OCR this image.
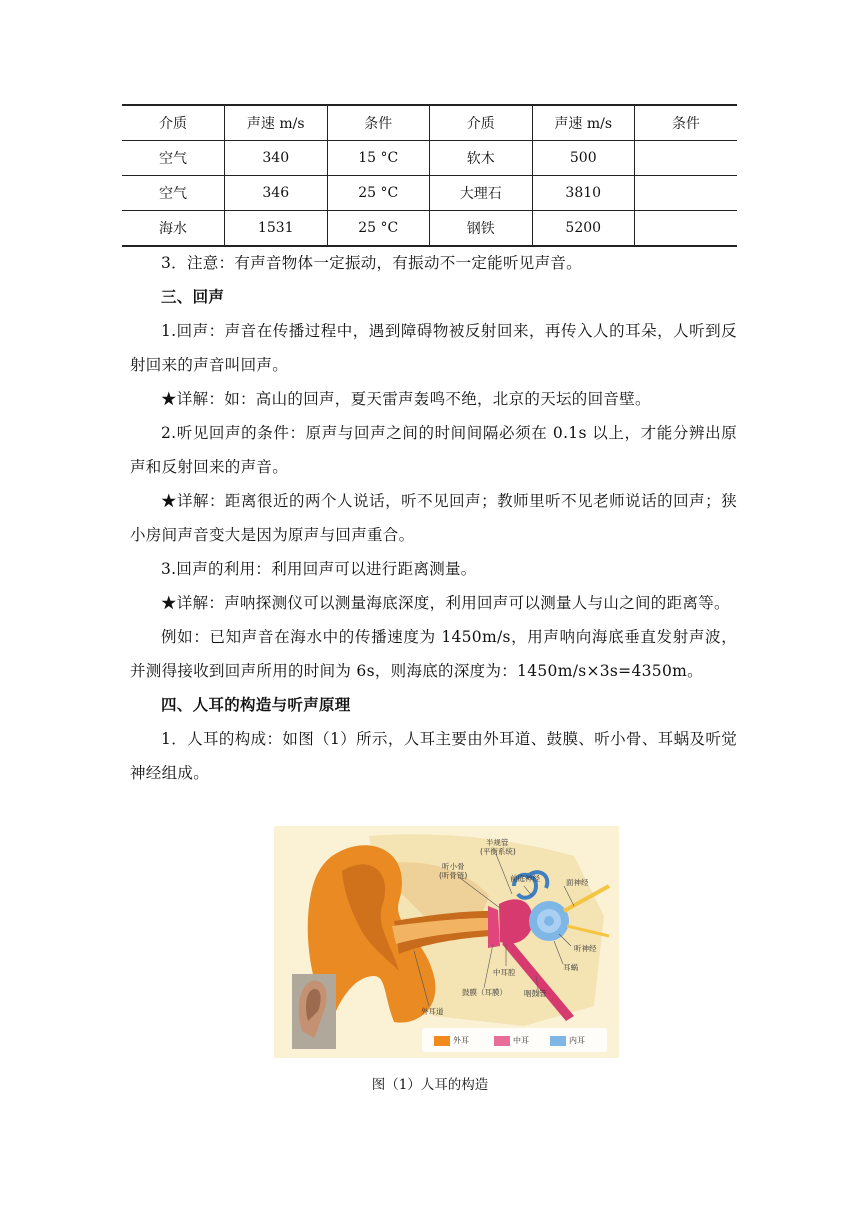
介质	声速 m/s	条件	介质	声速 m/s	条件
空气	340	15 °C	软木	500	
空气	346	25 °C	大理石	3810	
海水	1531	25 °C	钢铁	5200	

3．注意：有声音物体一定振动，有振动不一定能听见声音。

三、回声

1.回声：声音在传播过程中，遇到障碍物被反射回来，再传入人的耳朵，人听到反射回来的声音叫回声。

★详解：如：高山的回声，夏天雷声轰鸣不绝，北京的天坛的回音壁。

2.听见回声的条件：原声与回声之间的时间间隔必须在 0.1s 以上，才能分辨出原声和反射回来的声音。

★详解：距离很近的两个人说话，听不见回声；教师里听不见老师说话的回声；狭小房间声音变大是因为原声与回声重合。

3.回声的利用：利用回声可以进行距离测量。

★详解：声呐探测仪可以测量海底深度，利用回声可以测量人与山之间的距离等。

例如：已知声音在海水中的传播速度为 1450m/s，用声呐向海底垂直发射声波，并测得接收到回声所用的时间为 6s，则海底的深度为：1450m/s×3s=4350m。

四、人耳的构造与听声原理

1．人耳的构成：如图（1）所示，人耳主要由外耳道、鼓膜、听小骨、耳蜗及听觉神经组成。

半规管
(平衡系统)
听小骨
(听骨链)	前庭神经	面神经
听神经
耳蜗
中耳腔
鼓膜（耳膜） 咽鼓管
外耳道
外耳	中耳	内耳
图（1）人耳的构造
